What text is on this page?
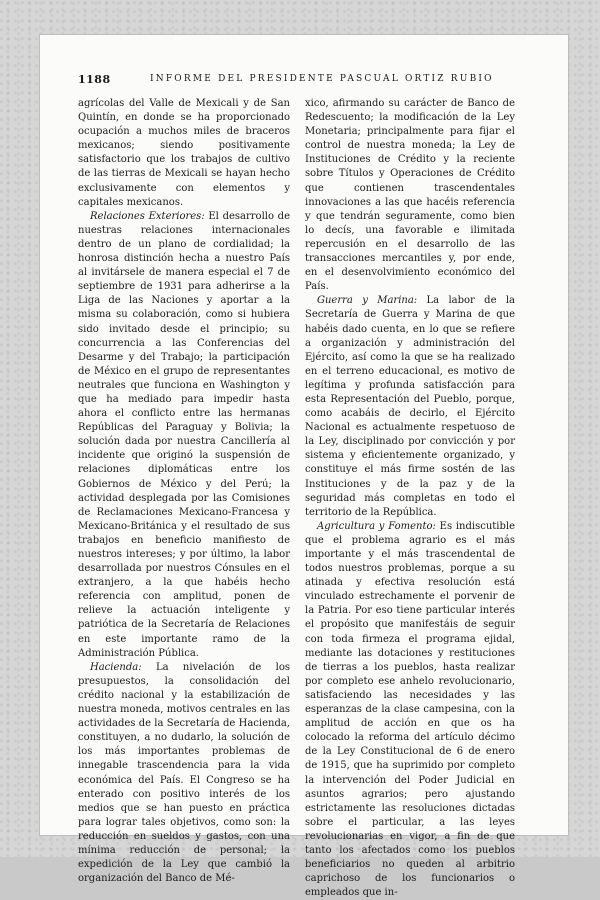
1188	INFORME DEL PRESIDENTE PASCUAL ORTIZ RUBIO

agrícolas del Valle de Mexicali y de San Quintín, en donde se ha proporcionado ocupación a muchos miles de braceros mexicanos; siendo positivamente satisfactorio que los trabajos de cultivo de las tierras de Mexicali se hayan hecho exclusivamente con elementos y capitales mexicanos.

Relaciones Exteriores: El desarrollo de nuestras relaciones internacionales dentro de un plano de cordialidad; la honrosa distinción hecha a nuestro País al invitársele de manera especial el 7 de septiembre de 1931 para adherirse a la Liga de las Naciones y aportar a la misma su colaboración, como si hubiera sido invitado desde el principio; su concurrencia a las Conferencias del Desarme y del Trabajo; la participación de México en el grupo de representantes neutrales que funciona en Washington y que ha mediado para impedir hasta ahora el conflicto entre las hermanas Repúblicas del Paraguay y Bolivia; la solución dada por nuestra Cancillería al incidente que originó la suspensión de relaciones diplomáticas entre los Gobiernos de México y del Perú; la actividad desplegada por las Comisiones de Reclamaciones Mexicano-Francesa y Mexicano-Británica y el resultado de sus trabajos en beneficio manifiesto de nuestros intereses; y por último, la labor desarrollada por nuestros Cónsules en el extranjero, a la que habéis hecho referencia con amplitud, ponen de relieve la actuación inteligente y patriótica de la Secretaría de Relaciones en este importante ramo de la Administración Pública.

Hacienda: La nivelación de los presupuestos, la consolidación del crédito nacional y la estabilización de nuestra moneda, motivos centrales en las actividades de la Secretaría de Hacienda, constituyen, a no dudarlo, la solución de los más importantes problemas de innegable trascendencia para la vida económica del País. El Congreso se ha enterado con positivo interés de los medios que se han puesto en práctica para lograr tales objetivos, como son: la reducción en sueldos y gastos, con una mínima reducción de personal; la expedición de la Ley que cambió la organización del Banco de Mé-

xico, afirmando su carácter de Banco de Redescuento; la modificación de la Ley Monetaria; principalmente para fijar el control de nuestra moneda; la Ley de Instituciones de Crédito y la reciente sobre Títulos y Operaciones de Crédito que contienen trascendentales innovaciones a las que hacéis referencia y que tendrán seguramente, como bien lo decís, una favorable e ilimitada repercusión en el desarrollo de las transacciones mercantiles y, por ende, en el desenvolvimiento económico del País.

Guerra y Marina: La labor de la Secretaría de Guerra y Marina de que habéis dado cuenta, en lo que se refiere a organización y administración del Ejército, así como la que se ha realizado en el terreno educacional, es motivo de legítima y profunda satisfacción para esta Representación del Pueblo, porque, como acabáis de decirlo, el Ejército Nacional es actualmente respetuoso de la Ley, disciplinado por convicción y por sistema y eficientemente organizado, y constituye el más firme sostén de las Instituciones y de la paz y de la seguridad más completas en todo el territorio de la República.

Agricultura y Fomento: Es indiscutible que el problema agrario es el más importante y el más trascendental de todos nuestros problemas, porque a su atinada y efectiva resolución está vinculado estrechamente el porvenir de la Patria. Por eso tiene particular interés el propósito que manifestáis de seguir con toda firmeza el programa ejidal, mediante las dotaciones y restituciones de tierras a los pueblos, hasta realizar por completo ese anhelo revolucionario, satisfaciendo las necesidades y las esperanzas de la clase campesina, con la amplitud de acción en que os ha colocado la reforma del artículo décimo de la Ley Constitucional de 6 de enero de 1915, que ha suprimido por completo la intervención del Poder Judicial en asuntos agrarios; pero ajustando estrictamente las resoluciones dictadas sobre el particular, a las leyes revolucionarias en vigor, a fin de que tanto los afectados como los pueblos beneficiarios no queden al arbitrio caprichoso de los funcionarios o empleados que in-
